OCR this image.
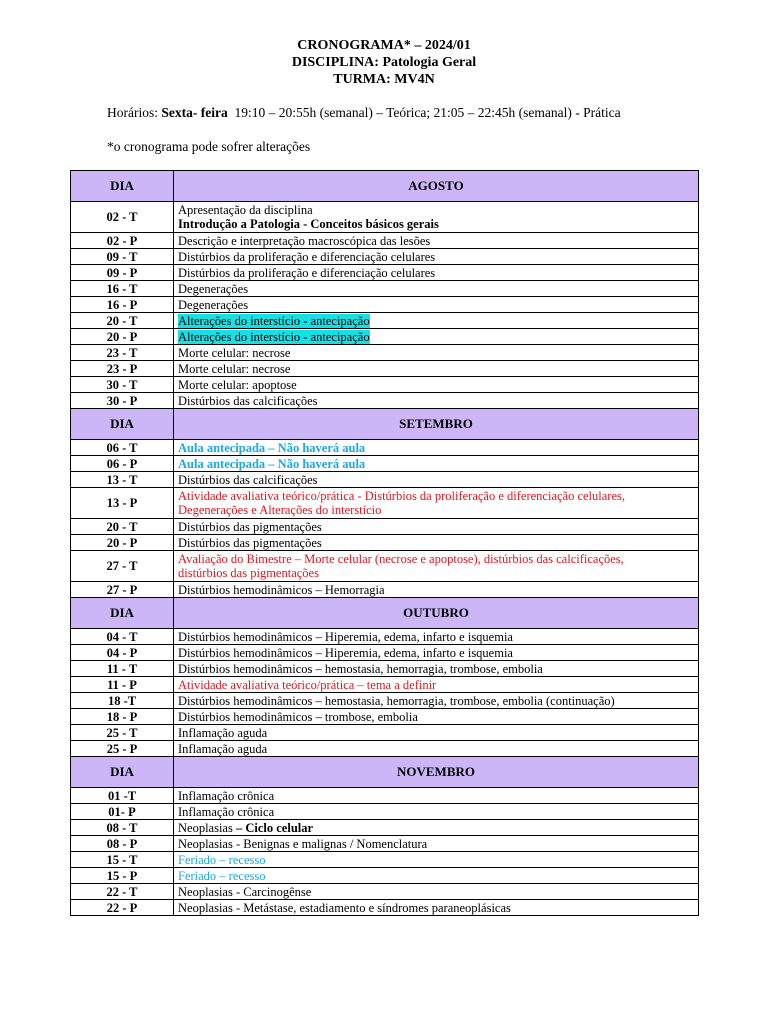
CRONOGRAMA* – 2024/01
DISCIPLINA: Patologia Geral
TURMA: MV4N
Horários: Sexta- feira  19:10 – 20:55h (semanal) – Teórica; 21:05 – 22:45h (semanal) - Prática
*o cronograma pode sofrer alterações
DIA	AGOSTO
02 - T	Apresentação da disciplina
Introdução a Patologia - Conceitos básicos gerais

02 - P	Descrição e interpretação macroscópica das lesões

09 - T	Distúrbios da proliferação e diferenciação celulares

09 - P	Distúrbios da proliferação e diferenciação celulares

16 - T	Degenerações

16 - P	Degenerações

20 - T	Alterações do interstício - antecipação

20 - P	Alterações do interstício - antecipação

23 - T	Morte celular: necrose

23 - P	Morte celular: necrose

30 - T	Morte celular: apoptose

30 - P	Distúrbios das calcificações

DIA	SETEMBRO
06 - T	Aula antecipada – Não haverá aula

06 - P	Aula antecipada – Não haverá aula

13 - T	Distúrbios das calcificações

13 - P	Atividade avaliativa teórico/prática - Distúrbios da proliferação e diferenciação celulares,
Degenerações e Alterações do interstício

20 - T	Distúrbios das pigmentações

20 - P	Distúrbios das pigmentações

27 - T	Avaliação do Bimestre – Morte celular (necrose e apoptose), distúrbios das calcificações,
distúrbios das pigmentações

27 - P	Distúrbios hemodinâmicos – Hemorragia

DIA	OUTUBRO
04 - T	Distúrbios hemodinâmicos – Hiperemia, edema, infarto e isquemia

04 - P	Distúrbios hemodinâmicos – Hiperemia, edema, infarto e isquemia

11 - T	Distúrbios hemodinâmicos – hemostasia, hemorragia, trombose, embolia

11 - P	Atividade avaliativa teórico/prática – tema a definir

18 -T	Distúrbios hemodinâmicos – hemostasia, hemorragia, trombose, embolia (continuação)

18 - P	Distúrbios hemodinâmicos – trombose, embolia

25 - T	Inflamação aguda

25 - P	Inflamação aguda

DIA	NOVEMBRO
01 -T	Inflamação crônica

01- P	Inflamação crônica

08 - T	Neoplasias – Ciclo celular

08 - P	Neoplasias - Benignas e malignas / Nomenclatura

15 - T	Feriado – recesso

15 - P	Feriado – recesso

22 - T	Neoplasias - Carcinogênse

22 - P	Neoplasias - Metástase, estadiamento e síndromes paraneoplásicas
